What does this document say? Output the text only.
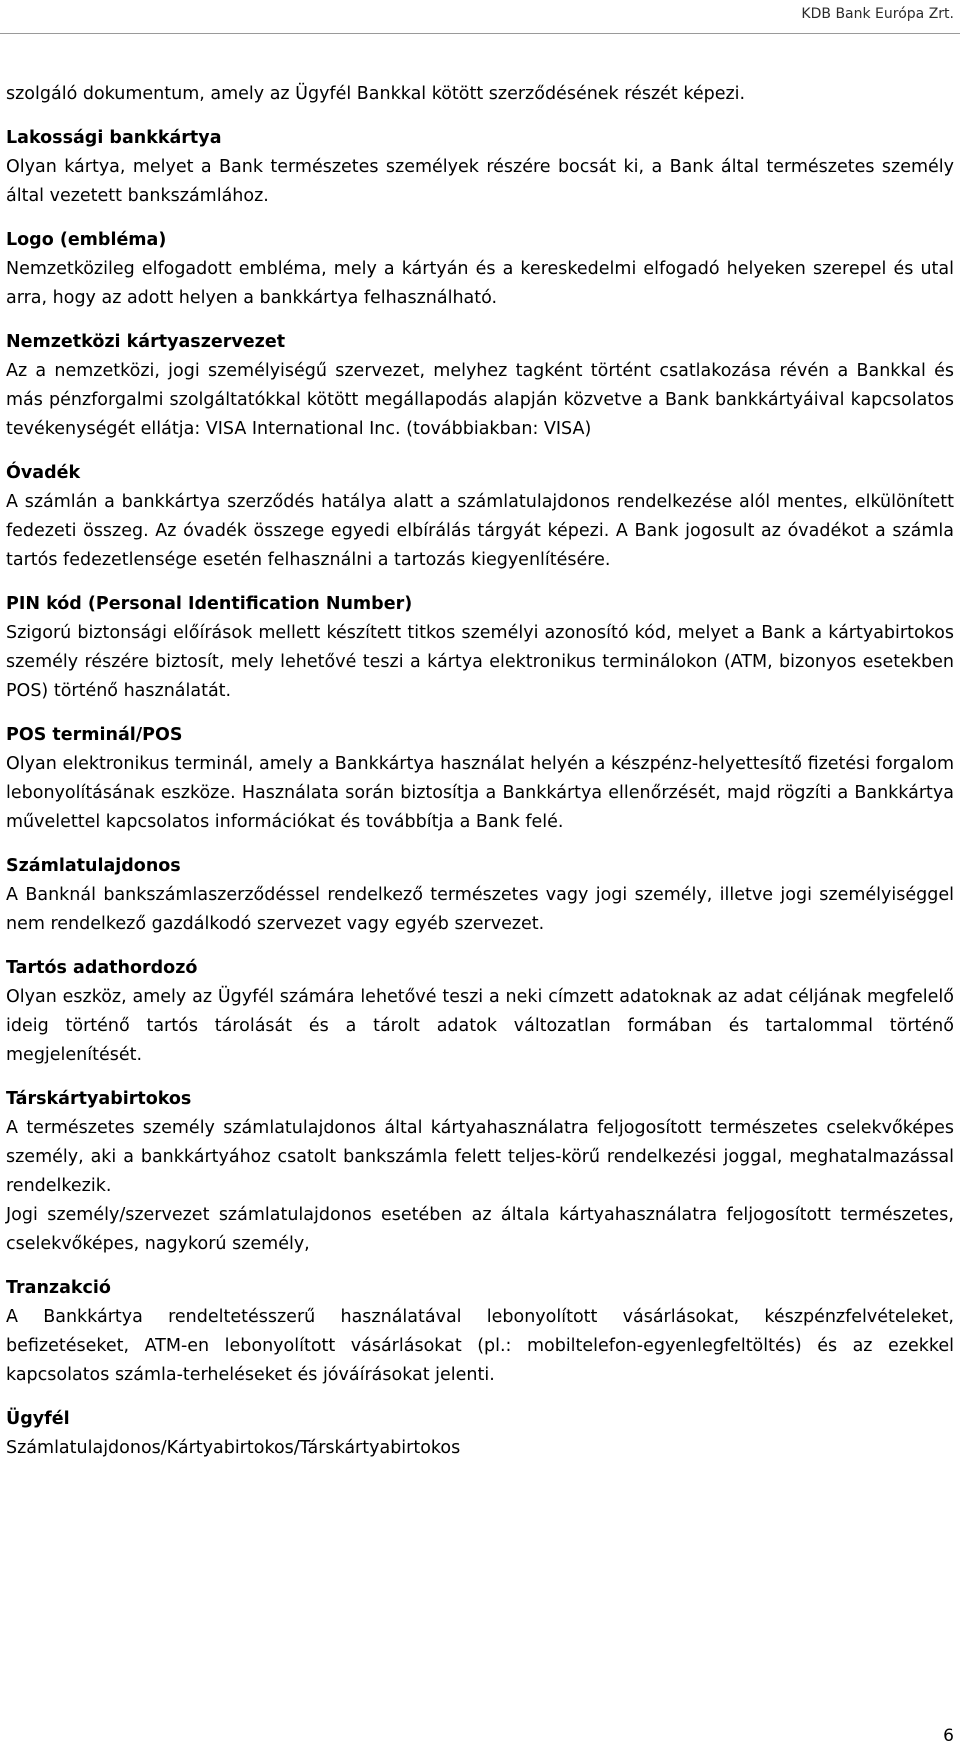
KDB Bank Európa Zrt.

szolgáló dokumentum, amely az Ügyfél Bankkal kötött szerződésének részét képezi.

Lakossági bankkártya

Olyan kártya, melyet a Bank természetes személyek részére bocsát ki, a Bank által természetes személy által vezetett bankszámlához.

Logo (embléma)

Nemzetközileg elfogadott embléma, mely a kártyán és a kereskedelmi elfogadó helyeken szerepel és utal arra, hogy az adott helyen a bankkártya felhasználható.

Nemzetközi kártyaszervezet

Az a nemzetközi, jogi személyiségű szervezet, melyhez tagként történt csatlakozása révén a Bankkal és más pénzforgalmi szolgáltatókkal kötött megállapodás alapján közvetve a Bank bankkártyáival kapcsolatos tevékenységét ellátja: VISA International Inc. (továbbiakban: VISA)

Óvadék

A számlán a bankkártya szerződés hatálya alatt a számlatulajdonos rendelkezése alól mentes, elkülönített fedezeti összeg. Az óvadék összege egyedi elbírálás tárgyát képezi. A Bank jogosult az óvadékot a számla tartós fedezetlensége esetén felhasználni a tartozás kiegyenlítésére.

PIN kód (Personal Identification Number)

Szigorú biztonsági előírások mellett készített titkos személyi azonosító kód, melyet a Bank a kártyabirtokos személy részére biztosít, mely lehetővé teszi a kártya elektronikus terminálokon (ATM, bizonyos esetekben POS) történő használatát.

POS terminál/POS

Olyan elektronikus terminál, amely a Bankkártya használat helyén a készpénz-helyettesítő fizetési forgalom lebonyolításának eszköze. Használata során biztosítja a Bankkártya ellenőrzését, majd rögzíti a Bankkártya művelettel kapcsolatos információkat és továbbítja a Bank felé.

Számlatulajdonos

A Banknál bankszámlaszerződéssel rendelkező természetes vagy jogi személy, illetve jogi személyiséggel nem rendelkező gazdálkodó szervezet vagy egyéb szervezet.

Tartós adathordozó

Olyan eszköz, amely az Ügyfél számára lehetővé teszi a neki címzett adatoknak az adat céljának megfelelő ideig történő tartós tárolását és a tárolt adatok változatlan formában és tartalommal történő megjelenítését.

Társkártyabirtokos

A természetes személy számlatulajdonos által kártyahasználatra feljogosított természetes cselekvőképes személy, aki a bankkártyához csatolt bankszámla felett teljes-körű rendelkezési joggal, meghatalmazással rendelkezik.

Jogi személy/szervezet számlatulajdonos esetében az általa kártyahasználatra feljogosított természetes, cselekvőképes, nagykorú személy,

Tranzakció

A Bankkártya rendeltetésszerű használatával lebonyolított vásárlásokat, készpénzfelvételeket, befizetéseket, ATM-en lebonyolított vásárlásokat (pl.: mobiltelefon-egyenlegfeltöltés) és az ezekkel kapcsolatos számla-terheléseket és jóváírásokat jelenti.

Ügyfél

Számlatulajdonos/Kártyabirtokos/Társkártyabirtokos

6
